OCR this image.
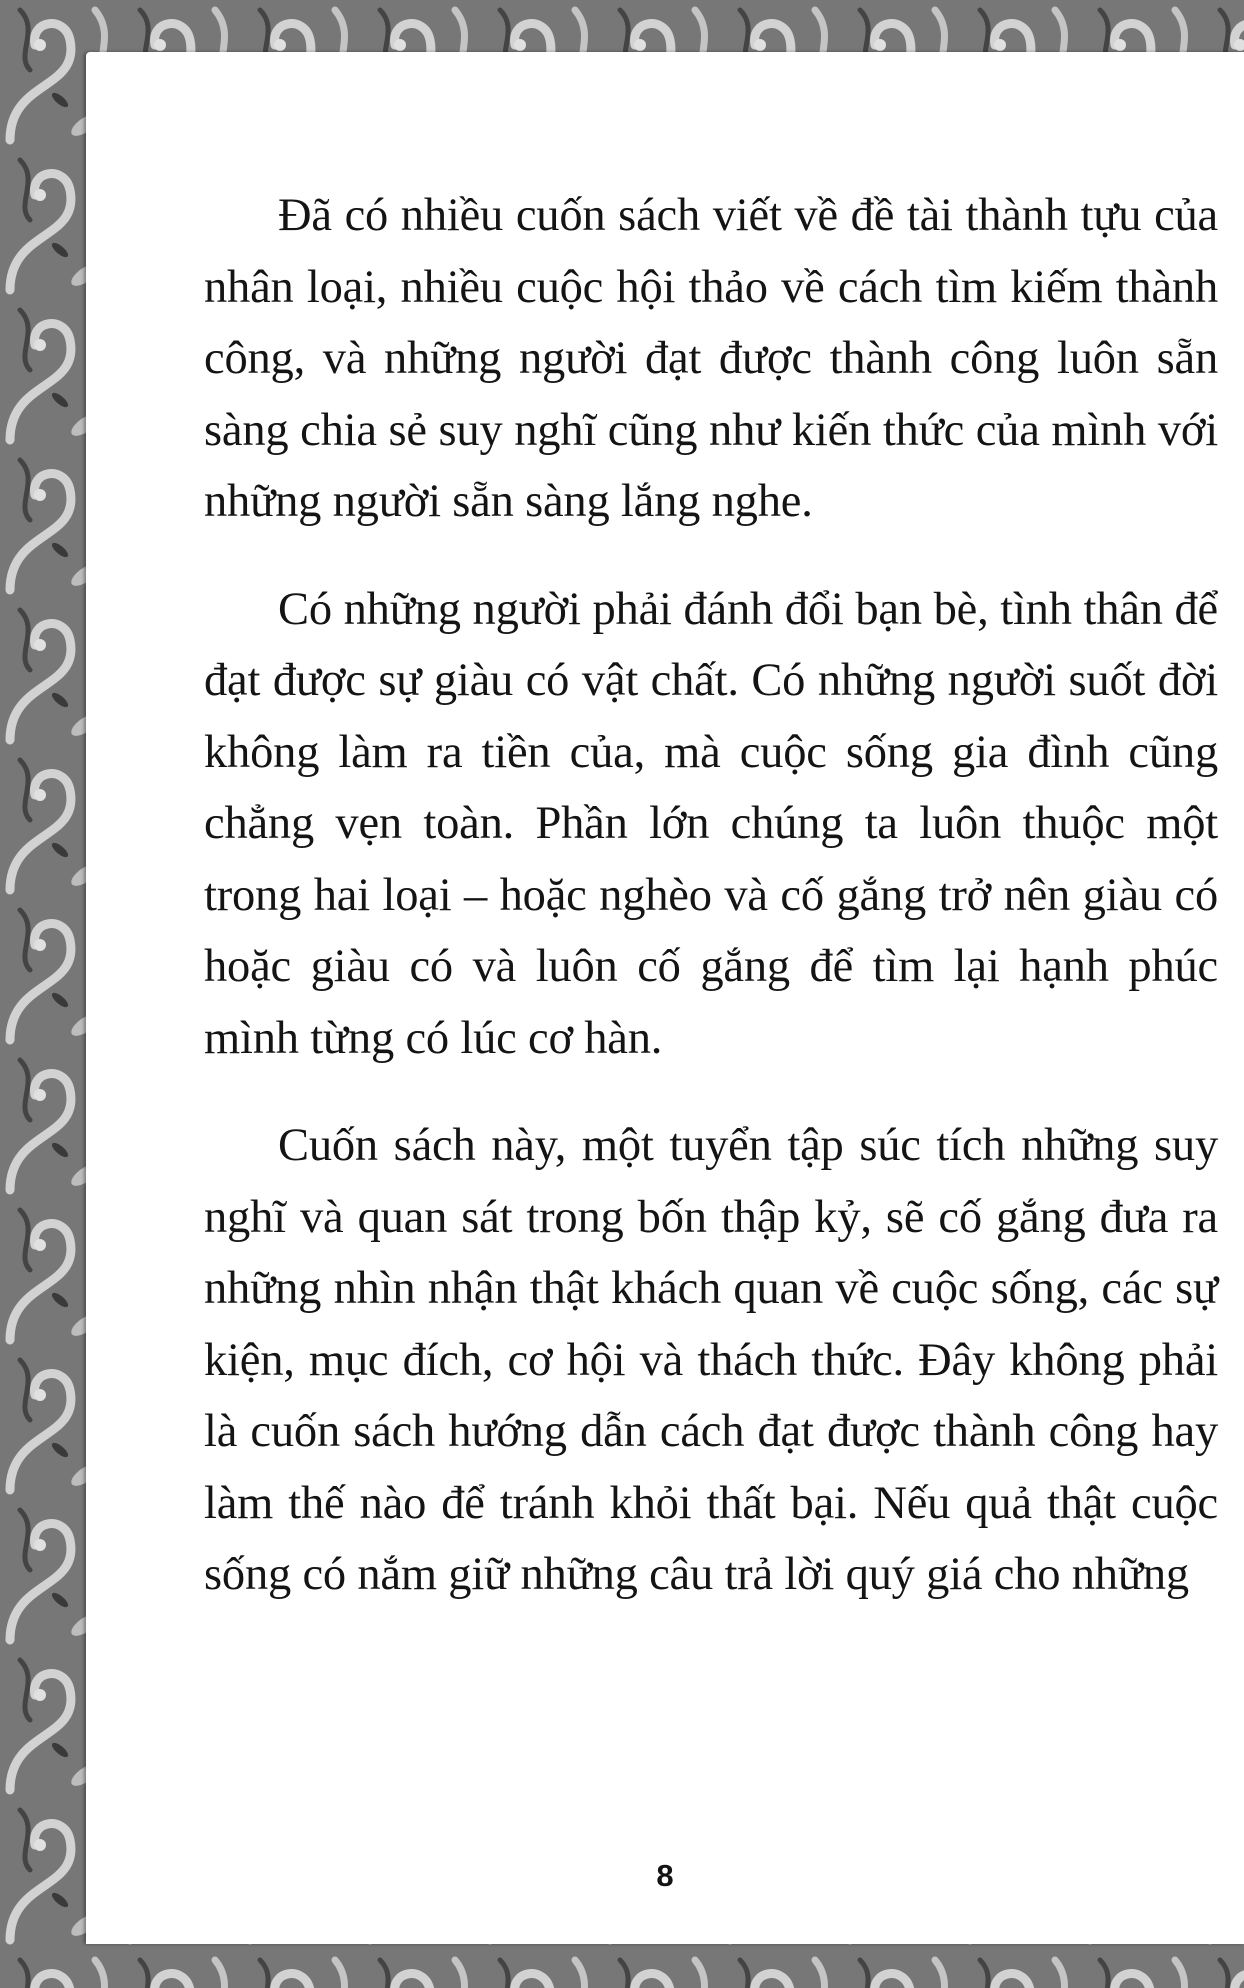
Đã có nhiều cuốn sách viết về đề tài thành tựu của nhân loại, nhiều cuộc hội thảo về cách tìm kiếm thành công, và những người đạt được thành công luôn sẵn sàng chia sẻ suy nghĩ cũng như kiến thức của mình với những người sẵn sàng lắng nghe.

Có những người phải đánh đổi bạn bè, tình thân để đạt được sự giàu có vật chất. Có những người suốt đời không làm ra tiền của, mà cuộc sống gia đình cũng chẳng vẹn toàn. Phần lớn chúng ta luôn thuộc một trong hai loại – hoặc nghèo và cố gắng trở nên giàu có hoặc giàu có và luôn cố gắng để tìm lại hạnh phúc mình từng có lúc cơ hàn.

Cuốn sách này, một tuyển tập súc tích những suy nghĩ và quan sát trong bốn thập kỷ, sẽ cố gắng đưa ra những nhìn nhận thật khách quan về cuộc sống, các sự kiện, mục đích, cơ hội và thách thức. Đây không phải là cuốn sách hướng dẫn cách đạt được thành công hay làm thế nào để tránh khỏi thất bại. Nếu quả thật cuộc sống có nắm giữ những câu trả lời quý giá cho những

8
